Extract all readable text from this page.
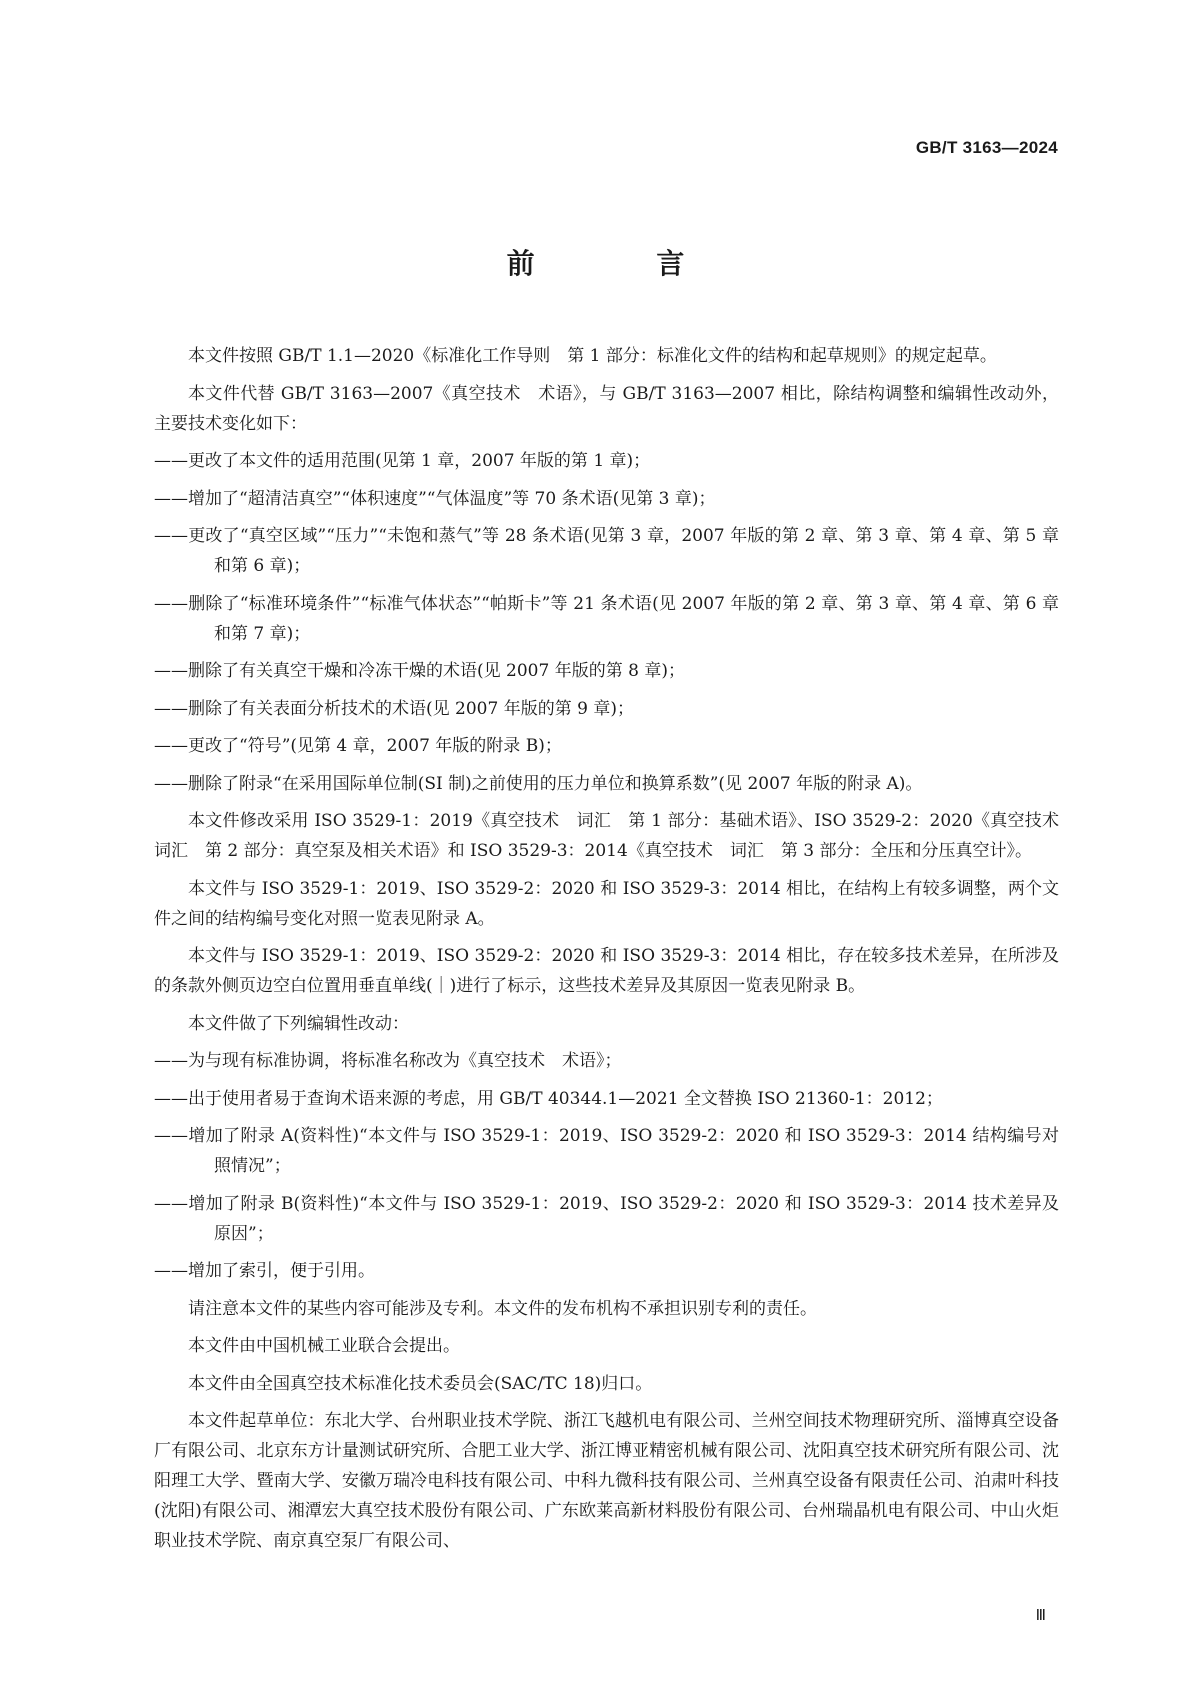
GB/T 3163—2024
前 言

本文件按照 GB/T 1.1—2020《标准化工作导则　第 1 部分：标准化文件的结构和起草规则》的规定起草。

本文件代替 GB/T 3163—2007《真空技术　术语》，与 GB/T 3163—2007 相比，除结构调整和编辑性改动外，主要技术变化如下：

——更改了本文件的适用范围(见第 1 章，2007 年版的第 1 章)；

——增加了“超清洁真空”“体积速度”“气体温度”等 70 条术语(见第 3 章)；

——更改了“真空区域”“压力”“未饱和蒸气”等 28 条术语(见第 3 章，2007 年版的第 2 章、第 3 章、第 4 章、第 5 章和第 6 章)；

——删除了“标准环境条件”“标准气体状态”“帕斯卡”等 21 条术语(见 2007 年版的第 2 章、第 3 章、第 4 章、第 6 章和第 7 章)；

——删除了有关真空干燥和冷冻干燥的术语(见 2007 年版的第 8 章)；

——删除了有关表面分析技术的术语(见 2007 年版的第 9 章)；

——更改了“符号”(见第 4 章，2007 年版的附录 B)；

——删除了附录“在采用国际单位制(SI 制)之前使用的压力单位和换算系数”(见 2007 年版的附录 A)。

本文件修改采用 ISO 3529-1：2019《真空技术　词汇　第 1 部分：基础术语》、ISO 3529-2：2020《真空技术　词汇　第 2 部分：真空泵及相关术语》和 ISO 3529-3：2014《真空技术　词汇　第 3 部分：全压和分压真空计》。

本文件与 ISO 3529-1：2019、ISO 3529-2：2020 和 ISO 3529-3：2014 相比，在结构上有较多调整，两个文件之间的结构编号变化对照一览表见附录 A。

本文件与 ISO 3529-1：2019、ISO 3529-2：2020 和 ISO 3529-3：2014 相比，存在较多技术差异，在所涉及的条款外侧页边空白位置用垂直单线(｜)进行了标示，这些技术差异及其原因一览表见附录 B。

本文件做了下列编辑性改动：

——为与现有标准协调，将标准名称改为《真空技术　术语》；

——出于使用者易于查询术语来源的考虑，用 GB/T 40344.1—2021 全文替换 ISO 21360-1：2012；

——增加了附录 A(资料性)“本文件与 ISO 3529-1：2019、ISO 3529-2：2020 和 ISO 3529-3：2014 结构编号对照情况”；

——增加了附录 B(资料性)“本文件与 ISO 3529-1：2019、ISO 3529-2：2020 和 ISO 3529-3：2014 技术差异及原因”；

——增加了索引，便于引用。

请注意本文件的某些内容可能涉及专利。本文件的发布机构不承担识别专利的责任。

本文件由中国机械工业联合会提出。

本文件由全国真空技术标准化技术委员会(SAC/TC 18)归口。

本文件起草单位：东北大学、台州职业技术学院、浙江飞越机电有限公司、兰州空间技术物理研究所、淄博真空设备厂有限公司、北京东方计量测试研究所、合肥工业大学、浙江博亚精密机械有限公司、沈阳真空技术研究所有限公司、沈阳理工大学、暨南大学、安徽万瑞冷电科技有限公司、中科九微科技有限公司、兰州真空设备有限责任公司、泊肃叶科技(沈阳)有限公司、湘潭宏大真空技术股份有限公司、广东欧莱高新材料股份有限公司、台州瑞晶机电有限公司、中山火炬职业技术学院、南京真空泵厂有限公司、

Ⅲ
